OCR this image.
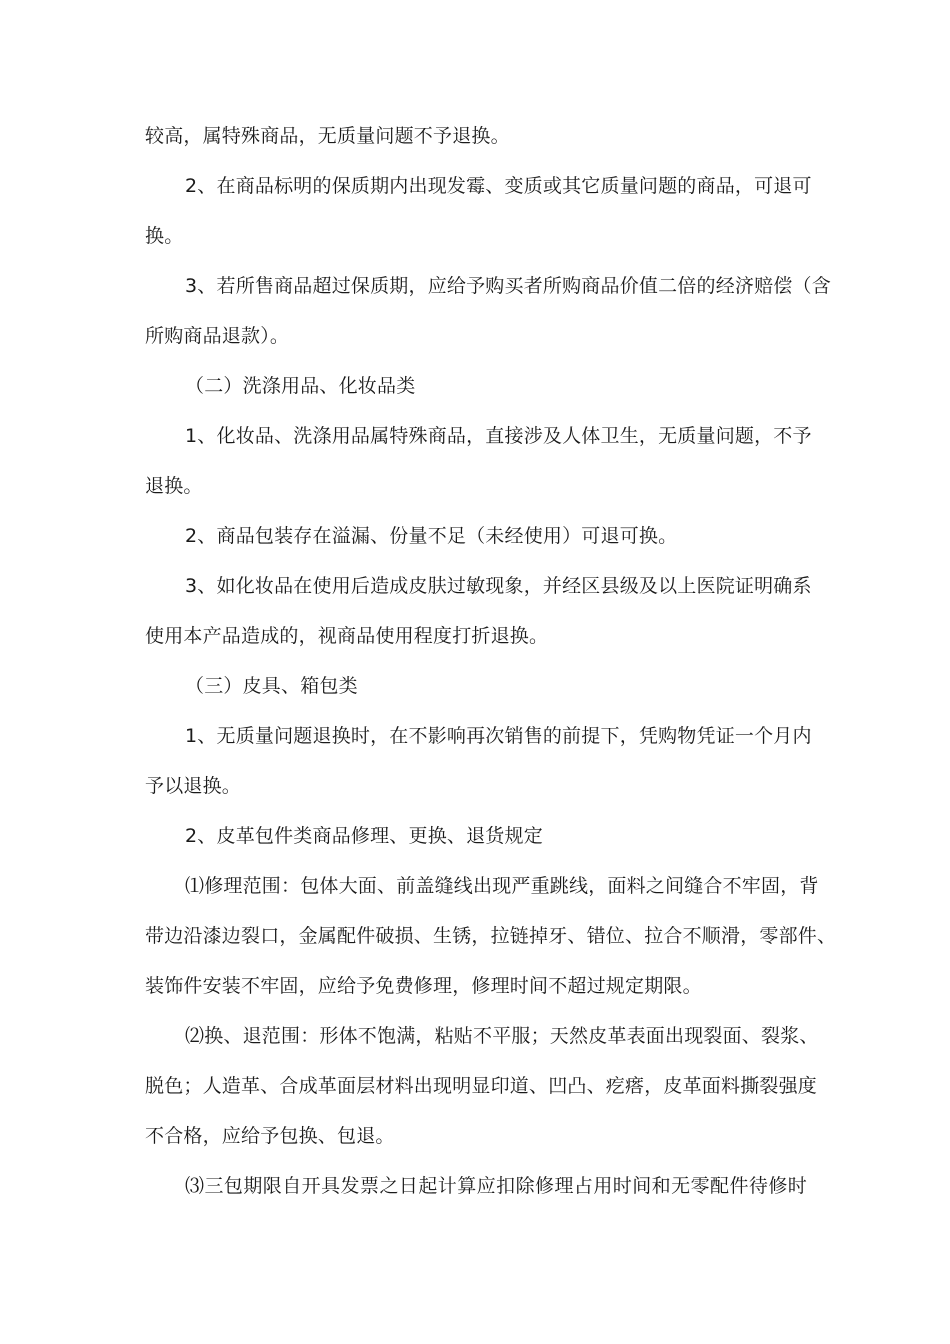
较高，属特殊商品，无质量问题不予退换。
2、在商品标明的保质期内出现发霉、变质或其它质量问题的商品，可退可
换。
3、若所售商品超过保质期，应给予购买者所购商品价值二倍的经济赔偿（含
所购商品退款）。
（二）洗涤用品、化妆品类
1、化妆品、洗涤用品属特殊商品，直接涉及人体卫生，无质量问题，不予
退换。
2、商品包装存在溢漏、份量不足（未经使用）可退可换。
3、如化妆品在使用后造成皮肤过敏现象，并经区县级及以上医院证明确系
使用本产品造成的，视商品使用程度打折退换。
（三）皮具、箱包类
1、无质量问题退换时，在不影响再次销售的前提下，凭购物凭证一个月内
予以退换。
2、皮革包件类商品修理、更换、退货规定
⑴修理范围：包体大面、前盖缝线出现严重跳线，面料之间缝合不牢固，背
带边沿漆边裂口，金属配件破损、生锈，拉链掉牙、错位、拉合不顺滑，零部件、
装饰件安装不牢固，应给予免费修理，修理时间不超过规定期限。
⑵换、退范围：形体不饱满，粘贴不平服；天然皮革表面出现裂面、裂浆、
脱色；人造革、合成革面层材料出现明显印道、凹凸、疙瘩，皮革面料撕裂强度
不合格，应给予包换、包退。
⑶三包期限自开具发票之日起计算应扣除修理占用时间和无零配件待修时
